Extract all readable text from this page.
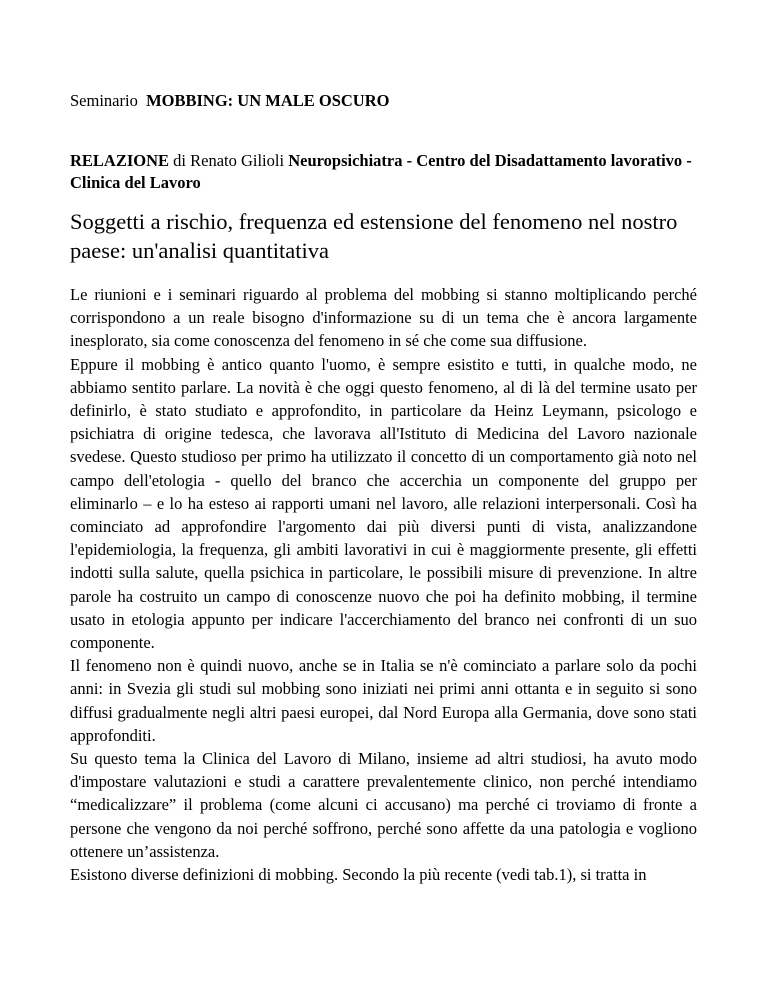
Seminario MOBBING: UN MALE OSCURO
RELAZIONE di Renato Gilioli Neuropsichiatra - Centro del Disadattamento lavorativo - Clinica del Lavoro
Soggetti a rischio, frequenza ed estensione del fenomeno nel nostro paese: un'analisi quantitativa

Le riunioni e i seminari riguardo al problema del mobbing si stanno moltiplicando perché corrispondono a un reale bisogno d'informazione su di un tema che è ancora largamente inesplorato, sia come conoscenza del fenomeno in sé che come sua diffusione.

Eppure il mobbing è antico quanto l'uomo, è sempre esistito e tutti, in qualche modo, ne abbiamo sentito parlare. La novità è che oggi questo fenomeno, al di là del termine usato per definirlo, è stato studiato e approfondito, in particolare da Heinz Leymann, psicologo e psichiatra di origine tedesca, che lavorava all'Istituto di Medicina del Lavoro nazionale svedese. Questo studioso per primo ha utilizzato il concetto di un comportamento già noto nel campo dell'etologia - quello del branco che accerchia un componente del gruppo per eliminarlo – e lo ha esteso ai rapporti umani nel lavoro, alle relazioni interpersonali. Così ha cominciato ad approfondire l'argomento dai più diversi punti di vista, analizzandone l'epidemiologia, la frequenza, gli ambiti lavorativi in cui è maggiormente presente, gli effetti indotti sulla salute, quella psichica in particolare, le possibili misure di prevenzione. In altre parole ha costruito un campo di conoscenze nuovo che poi ha definito mobbing, il termine usato in etologia appunto per indicare l'accerchiamento del branco nei confronti di un suo componente.

Il fenomeno non è quindi nuovo, anche se in Italia se n'è cominciato a parlare solo da pochi anni: in Svezia gli studi sul mobbing sono iniziati nei primi anni ottanta e in seguito si sono diffusi gradualmente negli altri paesi europei, dal Nord Europa alla Germania, dove sono stati approfonditi.

Su questo tema la Clinica del Lavoro di Milano, insieme ad altri studiosi, ha avuto modo d'impostare valutazioni e studi a carattere prevalentemente clinico, non perché intendiamo “medicalizzare” il problema (come alcuni ci accusano) ma perché ci troviamo di fronte a persone che vengono da noi perché soffrono, perché sono affette da una patologia e vogliono ottenere un’assistenza.

Esistono diverse definizioni di mobbing. Secondo la più recente (vedi tab.1), si tratta in
